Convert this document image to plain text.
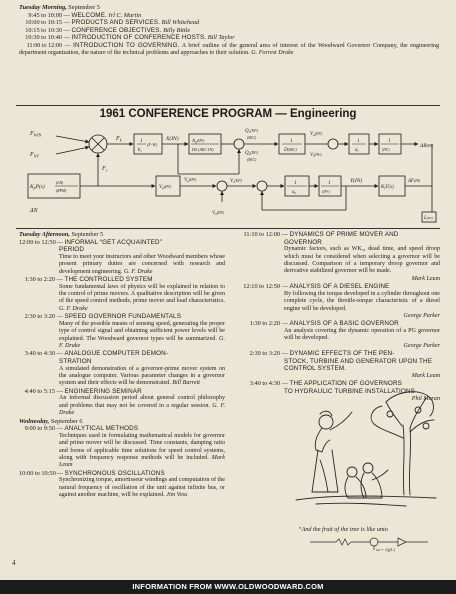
Tuesday Morning, September 5
9:45 to 10:00 — WELCOME. Irl C. Martin
10:00 to 10:15 — PRODUCTS AND SERVICES. Bill Whitehead
10:15 to 10:30 — CONFERENCE OBJECTIVES. Billy Bittle
10:30 to 10:40 — INTRODUCTION OF CONFERENCE HOSTS. Bill Taylor
11:00 to 12:00 — INTRODUCTION TO GOVERNING. A brief outline of the general area of interest of the Woodward Governor Company, the engineering department organization, the nature of the technical problems and approaches to their solution. G. Forrest Drake
1961 CONFERENCE PROGRAM — Engineering
$F_{WIN}$
$F_{NV}$
$F_c$
$F_k$	1
ks
(F-W)
X(IN)	$A_p^{(IN^2)}$
DS (SEC·IN)
$Q_1^{(IN^3)}$
(SEC)
$Q_a^{(IN^3)}$
(SEC)
1
D(SEC)
$V_a^{(IN^3)}$
$V_i^{(IN^3)}$
1
$a_i$
1
(IN²)
ΔR(IN)
KpP(s)
(LB)
(RPM)
ΔN
$V_p^{(IN^3)}$
$V_p^{(IN^3)}$	$V_s^{(IN^3)}$
$V_b^{(IN^3)}$
1
$a_b$
1
(IN²)
Y(IN)
$K_fF(s)$
ΔF(IN)
L(IN)
Tuesday Afternoon, September 5
12:00 to 12:50 — INFORMAL “GET ACQUAINTED”
PERIOD
Time to meet your instructors and other Woodward members whose present primary duties are concerned with research and development engineering. G. F. Drake
1:30 to 2:20 — THE CONTROLLED SYSTEM
Some fundamental laws of physics will be explained in relation to the control of prime movers. A qualitative description will be given of the speed control methods, prime mover and load characteristics. G. F. Drake
2:30 to 3:20 — SPEED GOVERNOR FUNDAMENTALS
Many of the possible means of sensing speed, generating the proper type of control signal and obtaining sufficient power levels will be explained. The Woodward governor types will be summarized. G. F. Drake
3:40 to 4:30 — ANALOGUE COMPUTER DEMON-
STRATION
A simulated demonstration of a governor-prime mover system on the analogue computer. Various parameter changes in a governor system and their effects will be demonstrated. Bill Barrett
4:40 to 5:15 — ENGINEERING SEMINAR
An informal discussion period about general control philosophy and problems that may not be covered in a regular session. G. F. Drake
Wednesday, September 6
9:00 to 9:50 — ANALYTICAL METHODS
Techniques used in formulating mathematical models for governor and prime mover will be discussed. Time constants, damping ratio and forms of applicable time solutions for speed control systems, along with frequency response methods will be included. Mark Leum
10:00 to 10:50 — SYNCHRONOUS OSCILLATIONS
Synchronizing torque, amortisseur windings and computation of the natural frequency of oscillation of the unit against infinite bus, or against another machine, will be explained. Jim Voss
11:10 to 12:00 — DYNAMICS OF PRIME MOVER AND
GOVERNOR
Dynamic factors, such as WK₂, dead time, and speed droop which must be considered when selecting a governor will be discussed. Comparison of a temporary droop governor and derivative stabilized governor will be made.
Mark Leum
12:10 to 12:50 — ANALYSIS OF A DIESEL ENGINE
By following the torque developed in a cylinder throughout one complete cycle, the throttle-torque characteristic of a diesel engine will be developed.
George Parker
1:30 to 2:20 — ANALYSIS OF A BASIC GOVERNOR
An analysis covering the dynamic operation of a PG governor will be developed.
George Parker
2:30 to 3:20 — DYNAMIC EFFECTS OF THE PEN-
STOCK, TURBINE AND GENERATOR UPON THE
CONTROL SYSTEM.
Mark Leum
3:40 to 4:30 — THE APPLICATION OF GOVERNORS
TO HYDRAULIC TURBINE INSTALLATIONS
Phil Moran
“And the fruit of the tree is like unto
ωₙ = √(g/L)
4
INFORMATION FROM WWW.OLDWOODWARD.COM
